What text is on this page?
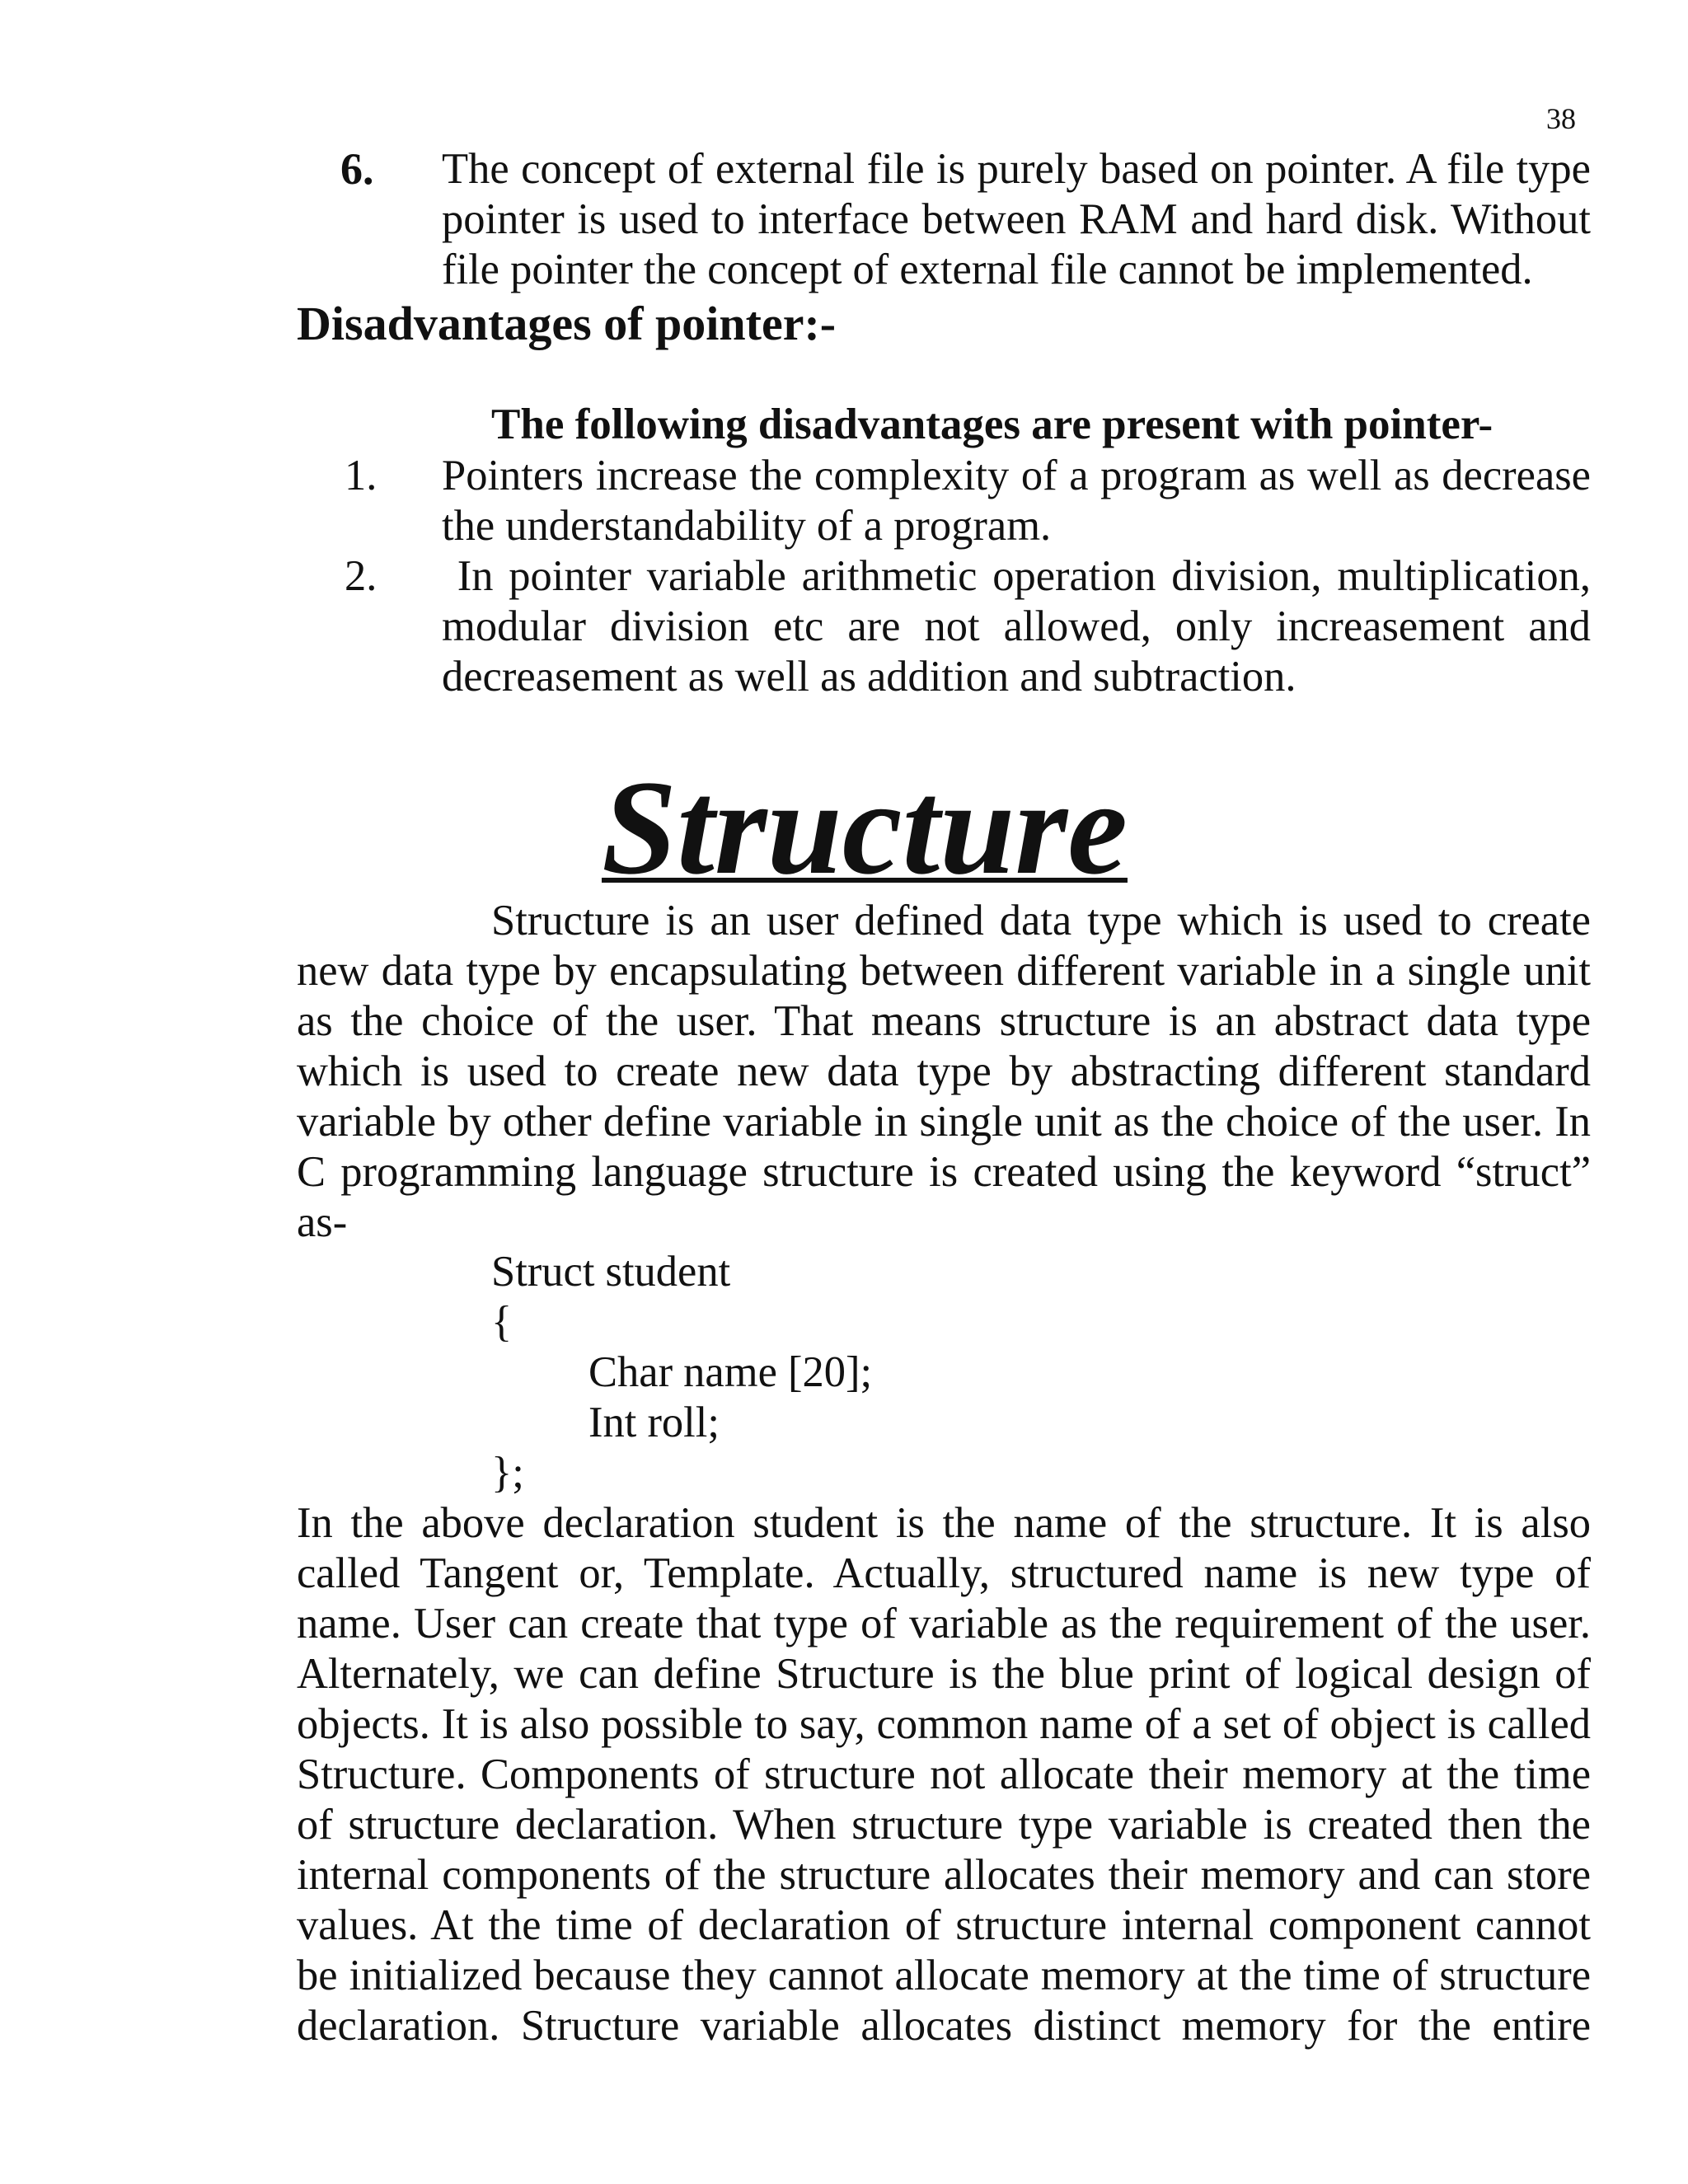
38
6. The concept of external file is purely based on pointer. A file type
pointer is used to interface between RAM and hard disk. Without
file pointer the concept of external file cannot be implemented.
Disadvantages of pointer:-
The following disadvantages are present with pointer-
1. Pointers increase the complexity of a program as well as decrease
the understandability of a program.
2. In pointer variable arithmetic operation division, multiplication,
modular division etc are not allowed, only increasement and
decreasement as well as addition and subtraction.
Structure
Structure is an user defined data type which is used to create
new data type by encapsulating between different variable in a single unit
as the choice of the user. That means structure is an abstract data type
which is used to create new data type by abstracting different standard
variable by other define variable in single unit as the choice of the user. In
C programming language structure is created using the keyword “struct”
as-
Struct student
{
Char name [20];
Int roll;
};
In the above declaration student is the name of the structure. It is also
called Tangent or, Template. Actually, structured name is new type of
name. User can create that type of variable as the requirement of the user.
Alternately, we can define Structure is the blue print of logical design of
objects. It is also possible to say, common name of a set of object is called
Structure. Components of structure not allocate their memory at the time
of structure declaration. When structure type variable is created then the
internal components of the structure allocates their memory and can store
values. At the time of declaration of structure internal component cannot
be initialized because they cannot allocate memory at the time of structure
declaration. Structure variable allocates distinct memory for the entire
